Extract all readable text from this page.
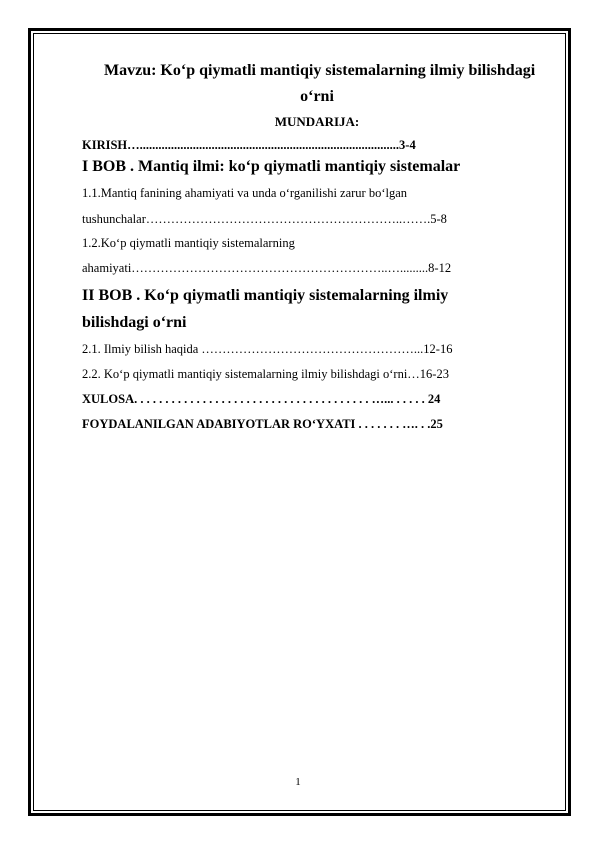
Mavzu: Ko‘p qiymatli mantiqiy sistemalarning ilmiy bilishdagi
o‘rni
MUNDARIJA:
KIRISH…...................................................................................3-4
I BOB . Mantiq ilmi: ko‘p qiymatli mantiqiy sistemalar
1.1.Mantiq fanining ahamiyati va unda o‘rganilishi zarur bo‘lgan
tushunchalar……………………………………………………..…….5-8
1.2.Ko‘p qiymatli mantiqiy sistemalarning
ahamiyati……………………………………………………..….........8-12
II BOB . Ko‘p qiymatli mantiqiy sistemalarning ilmiy
bilishdagi o‘rni
2.1. Ilmiy bilish haqida ……………………………………………...12-16
2.2. Ko‘p qiymatli mantiqiy sistemalarning ilmiy bilishdagi o‘rni…16-23
XULOSA. . . . . . . . . . . . . . . . . . . . . . . . . . . . . . . . . . . . . . …... . . . . . 24
FOYDALANILGAN ADABIYOTLAR RO‘YXATI . . . . . . . …. . .25
1
